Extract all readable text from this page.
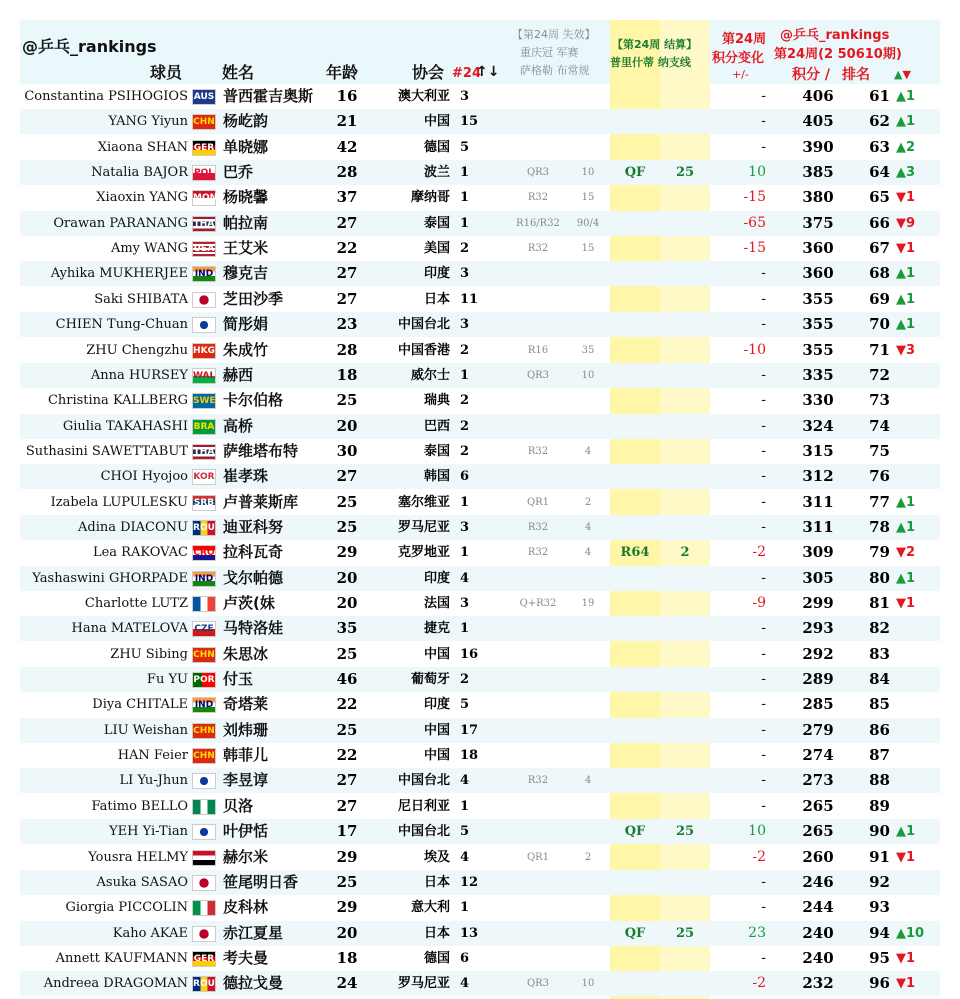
@乒乓_rankings
球员 姓名	年龄	协会 #24
↑↓
【第24周 失效】
重庆冠 军赛
萨格勒 布常规
【第24周 结算】
普里什蒂 纳支线
第24周
积分变化
+/-
@乒乓_rankings
第24周(2 50610期)
积分 / 排名 ▲▼
Constantina PSIHOGIOS AUS 普西霍吉奥斯	16	澳大利亚 3	-	406	61 ▲1
YANG Yiyun CHN 杨屹韵	21	中国 15	-	405	62 ▲1
Xiaona SHAN GER 单晓娜	42	德国 5	-	390	63 ▲2
Natalia BAJOR POL 巴乔	28	波兰 1	QR3	10	QF	25	10	385	64 ▲3
Xiaoxin YANG MON 杨晓馨	37	摩纳哥 1	R32	15	-15	380	65 ▼1
Orawan PARANANG THA 帕拉南	27	泰国 1	R16/R32	90/4	-65	375	66 ▼9
Amy WANG USA 王艾米	22	美国 2	R32	15	-15	360	67 ▼1
Ayhika MUKHERJEE IND 穆克吉	27	印度 3	-	360	68 ▲1
Saki SHIBATA 芝田沙季	27	日本 11	-	355	69 ▲1
CHIEN Tung-Chuan 简彤娟	23	中国台北 3	-	355	70 ▲1
ZHU Chengzhu HKG 朱成竹	28	中国香港 2	R16	35	-10	355	71 ▼3
Anna HURSEY WAL 赫西	18	威尔士 1	QR3	10	-	335	72
Christina KALLBERG SWE 卡尔伯格	25	瑞典 2	-	330	73
Giulia TAKAHASHI BRA 高桥	20	巴西 2	-	324	74
Suthasini SAWETTABUT THA 萨维塔布特	30	泰国 2	R32	4	-	315	75
CHOI Hyojoo KOR 崔孝珠	27	韩国 6	-	312	76
Izabela LUPULESKU SRB 卢普莱斯库	25	塞尔维亚 1	QR1	2	-	311	77 ▲1
Adina DIACONU ROU 迪亚科努	25	罗马尼亚 3	R32	4	-	311	78 ▲1
Lea RAKOVAC CRO 拉科瓦奇	29	克罗地亚 1	R32	4	R64	2	-2	309	79 ▼2
Yashaswini GHORPADE IND 戈尔帕德	20	印度 4	-	305	80 ▲1
Charlotte LUTZ 卢茨(妹	20	法国 3	Q+R32	19	-9	299	81 ▼1
Hana MATELOVA CZE 马特洛娃	35	捷克 1	-	293	82
ZHU Sibing CHN 朱思冰	25	中国 16	-	292	83
Fu YU POR 付玉	46	葡萄牙 2	-	289	84
Diya CHITALE IND 奇塔莱	22	印度 5	-	285	85
LIU Weishan CHN 刘炜珊	25	中国 17	-	279	86
HAN Feier CHN 韩菲儿	22	中国 18	-	274	87
LI Yu-Jhun 李昱谆	27	中国台北 4	R32	4	-	273	88
Fatimo BELLO 贝洛	27	尼日利亚 1	-	265	89
YEH Yi-Tian 叶伊恬	17	中国台北 5	QF	25	10	265	90 ▲1
Yousra HELMY 赫尔米	29	埃及 4	QR1	2	-2	260	91 ▼1
Asuka SASAO 笹尾明日香	25	日本 12	-	246	92
Giorgia PICCOLIN 皮科林	29	意大利 1	-	244	93
Kaho AKAE 赤江夏星	20	日本 13	QF	25	23	240	94 ▲10
Annett KAUFMANN GER 考夫曼	18	德国 6	-	240	95 ▼1
Andreea DRAGOMAN ROU 德拉戈曼	24	罗马尼亚 4	QR3	10	-2	232	96 ▼1
